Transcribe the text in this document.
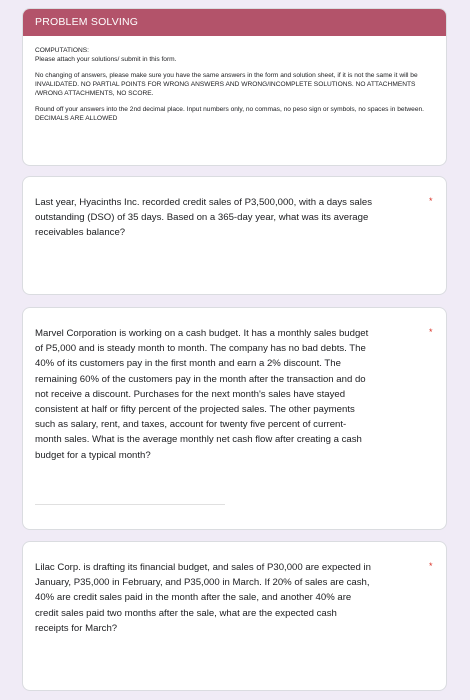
PROBLEM SOLVING

COMPUTATIONS:

Please attach your solutions/ submit in this form.

No changing of answers, please make sure you have the same answers in the form and solution sheet, if it is not the same it will be INVALIDATED. NO PARTIAL POINTS FOR WRONG ANSWERS AND WRONG/INCOMPLETE SOLUTIONS. NO ATTACHMENTS /WRONG ATTACHMENTS, NO SCORE.

Round off your answers into the 2nd decimal place. Input numbers only, no commas, no peso sign or symbols, no spaces in between. DECIMALS ARE ALLOWED

Last year, Hyacinths Inc. recorded credit sales of P3,500,000, with a days sales
outstanding (DSO) of 35 days. Based on a 365-day year, what was its average
receivables balance?
*
Marvel Corporation is working on a cash budget. It has a monthly sales budget
of P5,000 and is steady month to month. The company has no bad debts. The
40% of its customers pay in the first month and earn a 2% discount. The
remaining 60% of the customers pay in the month after the transaction and do
not receive a discount. Purchases for the next month's sales have stayed
consistent at half or fifty percent of the projected sales. The other payments
such as salary, rent, and taxes, account for twenty five percent of current-
month sales. What is the average monthly net cash flow after creating a cash
budget for a typical month?
*
Lilac Corp. is drafting its financial budget, and sales of P30,000 are expected in
January, P35,000 in February, and P35,000 in March. If 20% of sales are cash,
40% are credit sales paid in the month after the sale, and another 40% are
credit sales paid two months after the sale, what are the expected cash
receipts for March?
*
